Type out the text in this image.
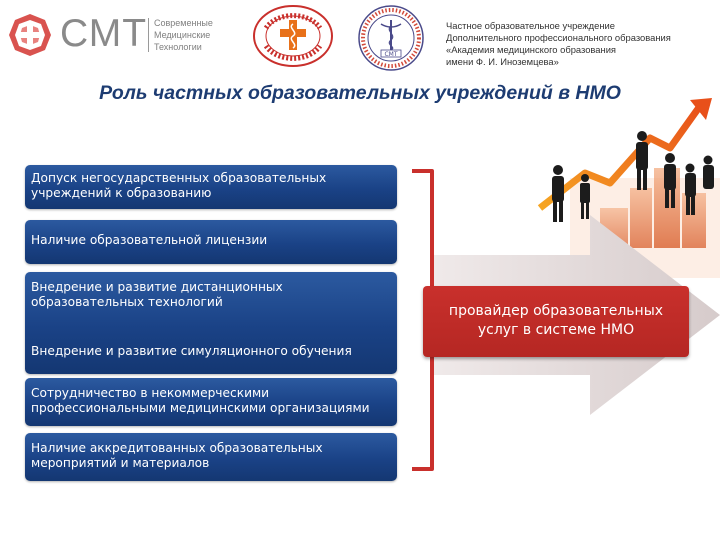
СМТ Современные
Медицинские
Технологии
СМТ
Частное образовательное учреждение
Дополнительного профессионального образования
«Академия медицинского образования
имени Ф. И. Иноземцева»
Роль частных образовательных учреждений в НМО
Допуск негосударственных образовательных
учреждений к образованию
Наличие образовательной лицензии
Внедрение и развитие дистанционных
образовательных технологий
Внедрение и развитие симуляционного обучения
Сотрудничество в некоммерческими
профессиональными медицинскими организациями
Наличие аккредитованных образовательных
мероприятий и материалов
провайдер образовательных
услуг в системе НМО
